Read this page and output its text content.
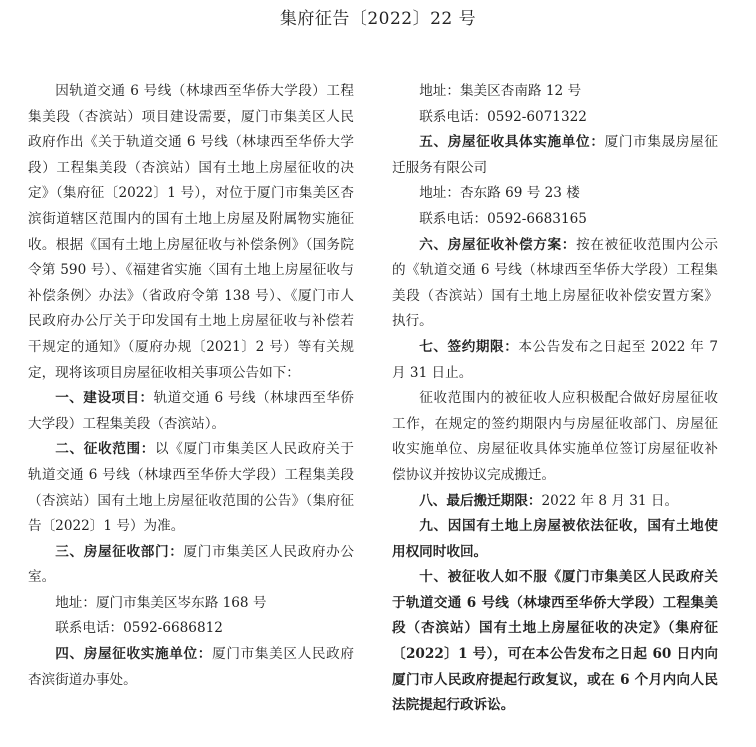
集府征告〔2022〕22 号

因轨道交通 6 号线（林埭西至华侨大学段）工程集美段（杏滨站）项目建设需要，厦门市集美区人民政府作出《关于轨道交通 6 号线（林埭西至华侨大学段）工程集美段（杏滨站）国有土地上房屋征收的决定》（集府征〔2022〕1 号），对位于厦门市集美区杏滨街道辖区范围内的国有土地上房屋及附属物实施征收。根据《国有土地上房屋征收与补偿条例》（国务院令第 590 号）、《福建省实施〈国有土地上房屋征收与补偿条例〉办法》（省政府令第 138 号）、《厦门市人民政府办公厅关于印发国有土地上房屋征收与补偿若干规定的通知》（厦府办规〔2021〕2 号）等有关规定，现将该项目房屋征收相关事项公告如下：

一、建设项目：轨道交通 6 号线（林埭西至华侨大学段）工程集美段（杏滨站）。

二、征收范围：以《厦门市集美区人民政府关于轨道交通 6 号线（林埭西至华侨大学段）工程集美段（杏滨站）国有土地上房屋征收范围的公告》（集府征告〔2022〕1 号）为准。

三、房屋征收部门：厦门市集美区人民政府办公室。

地址：厦门市集美区岑东路 168 号

联系电话：0592-6686812

四、房屋征收实施单位：厦门市集美区人民政府杏滨街道办事处。

地址：集美区杏南路 12 号

联系电话：0592-6071322

五、房屋征收具体实施单位：厦门市集晟房屋征迁服务有限公司

地址：杏东路 69 号 23 楼

联系电话：0592-6683165

六、房屋征收补偿方案：按在被征收范围内公示的《轨道交通 6 号线（林埭西至华侨大学段）工程集美段（杏滨站）国有土地上房屋征收补偿安置方案》执行。

七、签约期限：本公告发布之日起至 2022 年 7 月 31 日止。

征收范围内的被征收人应积极配合做好房屋征收工作，在规定的签约期限内与房屋征收部门、房屋征收实施单位、房屋征收具体实施单位签订房屋征收补偿协议并按协议完成搬迁。

八、最后搬迁期限：2022 年 8 月 31 日。

九、因国有土地上房屋被依法征收，国有土地使用权同时收回。

十、被征收人如不服《厦门市集美区人民政府关于轨道交通 6 号线（林埭西至华侨大学段）工程集美段（杏滨站）国有土地上房屋征收的决定》（集府征〔2022〕1 号），可在本公告发布之日起 60 日内向厦门市人民政府提起行政复议，或在 6 个月内向人民法院提起行政诉讼。
